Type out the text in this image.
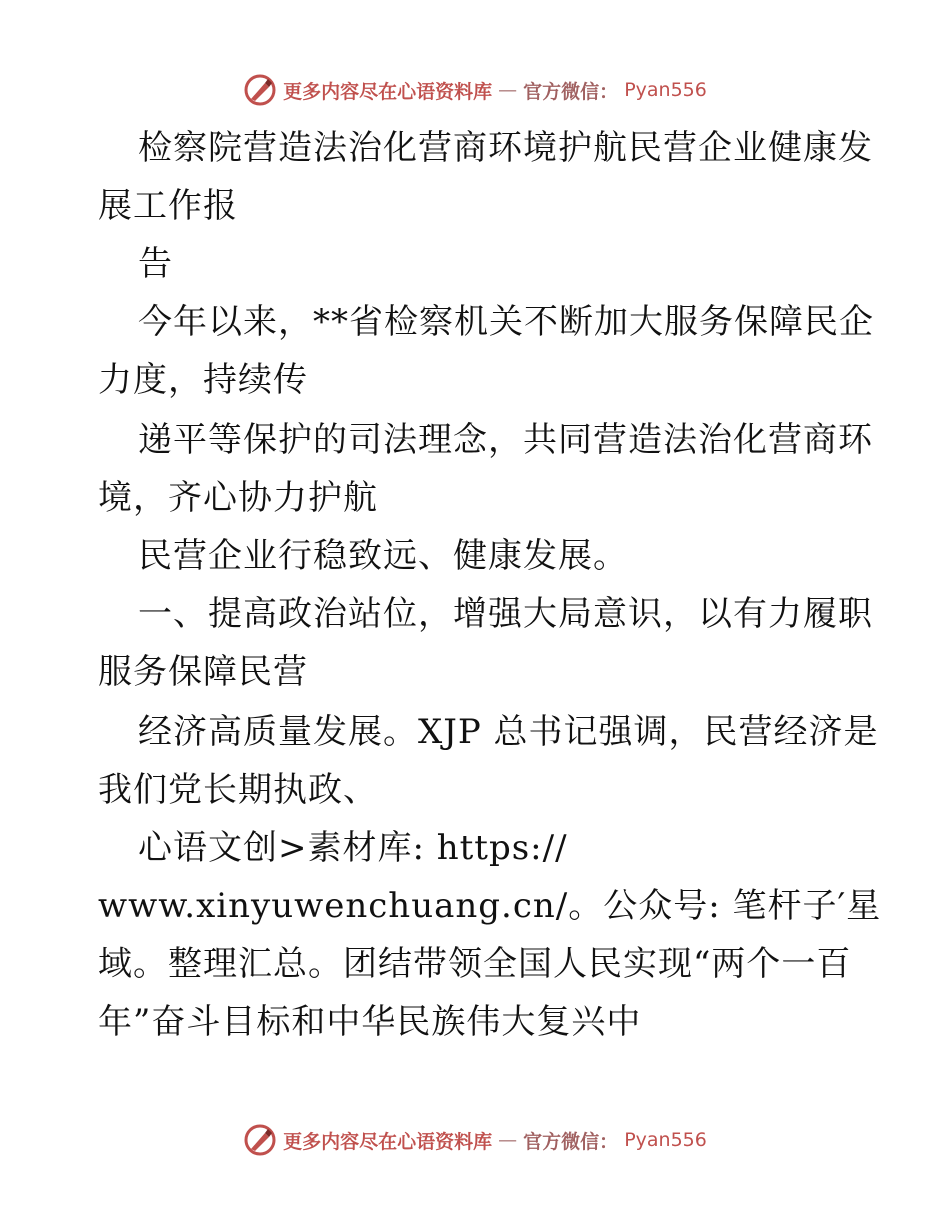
更多内容尽在心语资料库 — 官方微信： Pyan556
检察院营造法治化营商环境护航民营企业健康发
展工作报
告
今年以来，**省检察机关不断加大服务保障民企
力度，持续传
递平等保护的司法理念，共同营造法治化营商环
境，齐心协力护航
民营企业行稳致远、健康发展。
一、提高政治站位，增强大局意识，以有力履职
服务保障民营
经济高质量发展。XJP 总书记强调，民营经济是
我们党长期执政、
心语文创>素材库: https://
www.xinyuwenchuang.cn/。公众号: 笔杆子′星
域。整理汇总。团结带领全国人民实现“两个一百
年”奋斗目标和中华民族伟大复兴中
更多内容尽在心语资料库 — 官方微信： Pyan556
